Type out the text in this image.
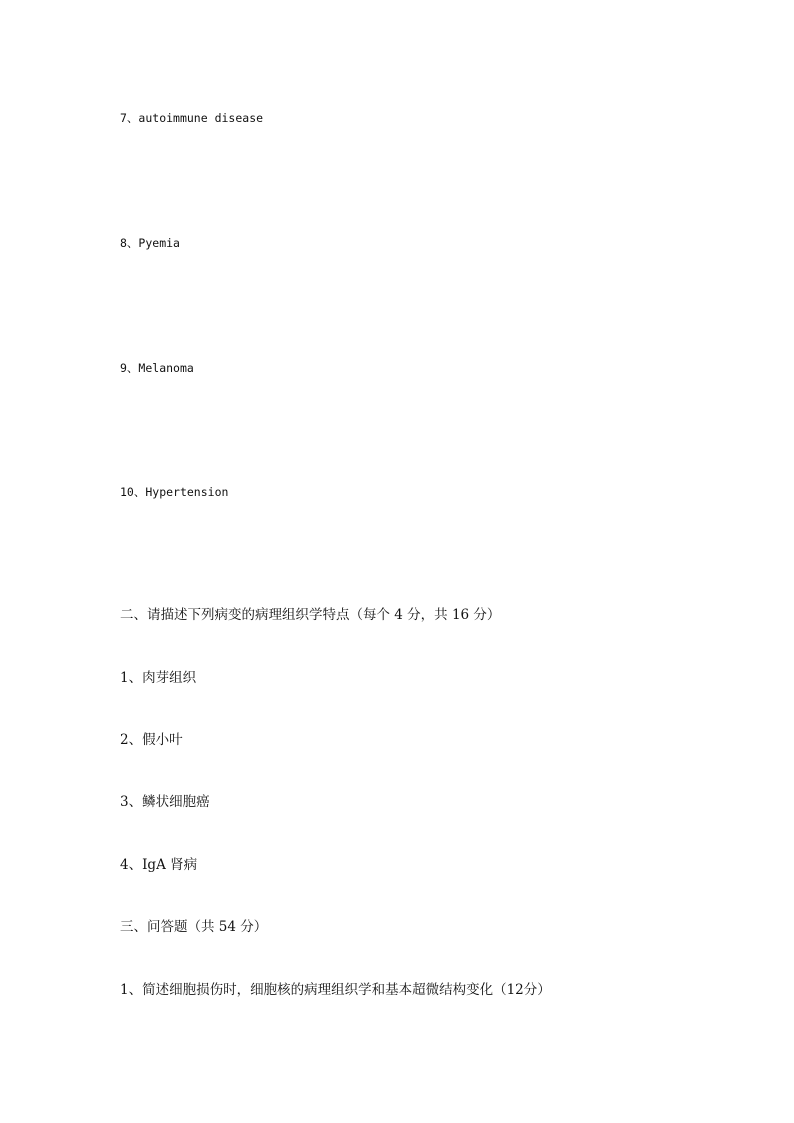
7、autoimmune disease

8、Pyemia

9、Melanoma

10、Hypertension

二、请描述下列病变的病理组织学特点（每个 4 分，共 16 分）

1、肉芽组织

2、假小叶

3、鳞状细胞癌

4、IgA 肾病

三、问答题（共 54 分）

1、简述细胞损伤时，细胞核的病理组织学和基本超微结构变化（12分）
